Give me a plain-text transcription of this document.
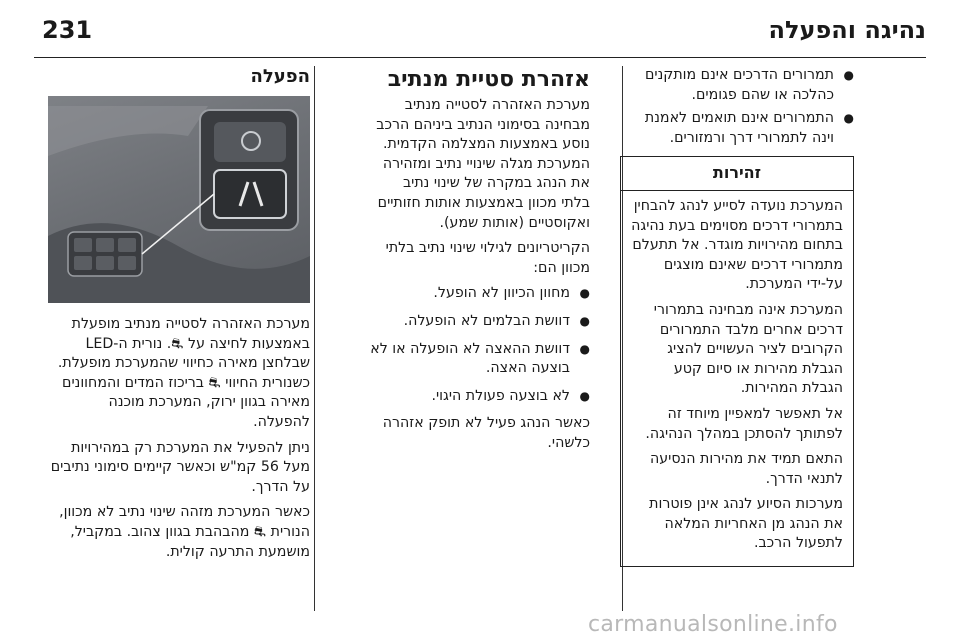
נהיגה והפעלה
231
● תמרורים הדרכים אינם מותקנים כהלכה או שהם פגומים.
● התמרורים אינם תואמים לאמנת וינה לתמרורי דרך ורמזורים.
זהירות

המערכת נועדה לסייע לנהג להבחין בתמרורי דרכים מסוימים בעת נהיגה בתחום מהירויות מוגדר. אל תתעלם מתמרורי דרכים שאינם מוצגים על-ידי המערכת.

המערכת אינה מבחינה בתמרורי דרכים אחרים מלבד התמרורים הקרובים לציר העשויים להציג הגבלת מהירות או סיום קטע הגבלת המהירות.

אל תאפשר למאפיין מיוחד זה לפתותך להסתכן במהלך הנהיגה.

התאם תמיד את מהירות הנסיעה לתנאי הדרך.

מערכות הסיוע לנהג אינן פוטרות את הנהג מן האחריות המלאה לתפעול הרכב.

אזהרת סטיית מנתיב

מערכת האזהרה לסטייה מנתיב מבחינה בסימוני הנתיב ביניהם הרכב נוסע באמצעות המצלמה הקדמית. המערכת מגלה שינויי נתיב ומזהירה את הנהג במקרה של שינוי נתיב בלתי מכוון באמצעות אותות חזותיים ואקוסטיים (אותות שמע).

הקריטריונים לגילוי שינוי נתיב בלתי מכוון הם:

● מחוון הכיוון לא הופעל.
● דוושת הבלמים לא הופעלה.
● דוושת ההאצה לא הופעלה או לא בוצעה האצה.
● לא בוצעה פעולת היגוי.

כאשר הנהג פעיל לא תופק אזהרה כלשהי.

הפעלה

מערכת האזהרה לסטייה מנתיב מופעלת באמצעות לחיצה על ⛐. נורית ה-LED שבלחצן מאירה כחיווי שהמערכת מופעלת. כשנורית החיווי ⛐ בריכוז המדים והמחוונים מאירה בגוון ירוק, המערכת מוכנה להפעלה.

ניתן להפעיל את המערכת רק במהירויות מעל 56 קמ"ש וכאשר קיימים סימוני נתיבים על הדרך.

כאשר המערכת מזהה שינוי נתיב לא מכוון, הנורית ⛐ מהבהבת בגוון צהוב. במקביל, מושמעת התרעה קולית.

carmanualsonline.info
